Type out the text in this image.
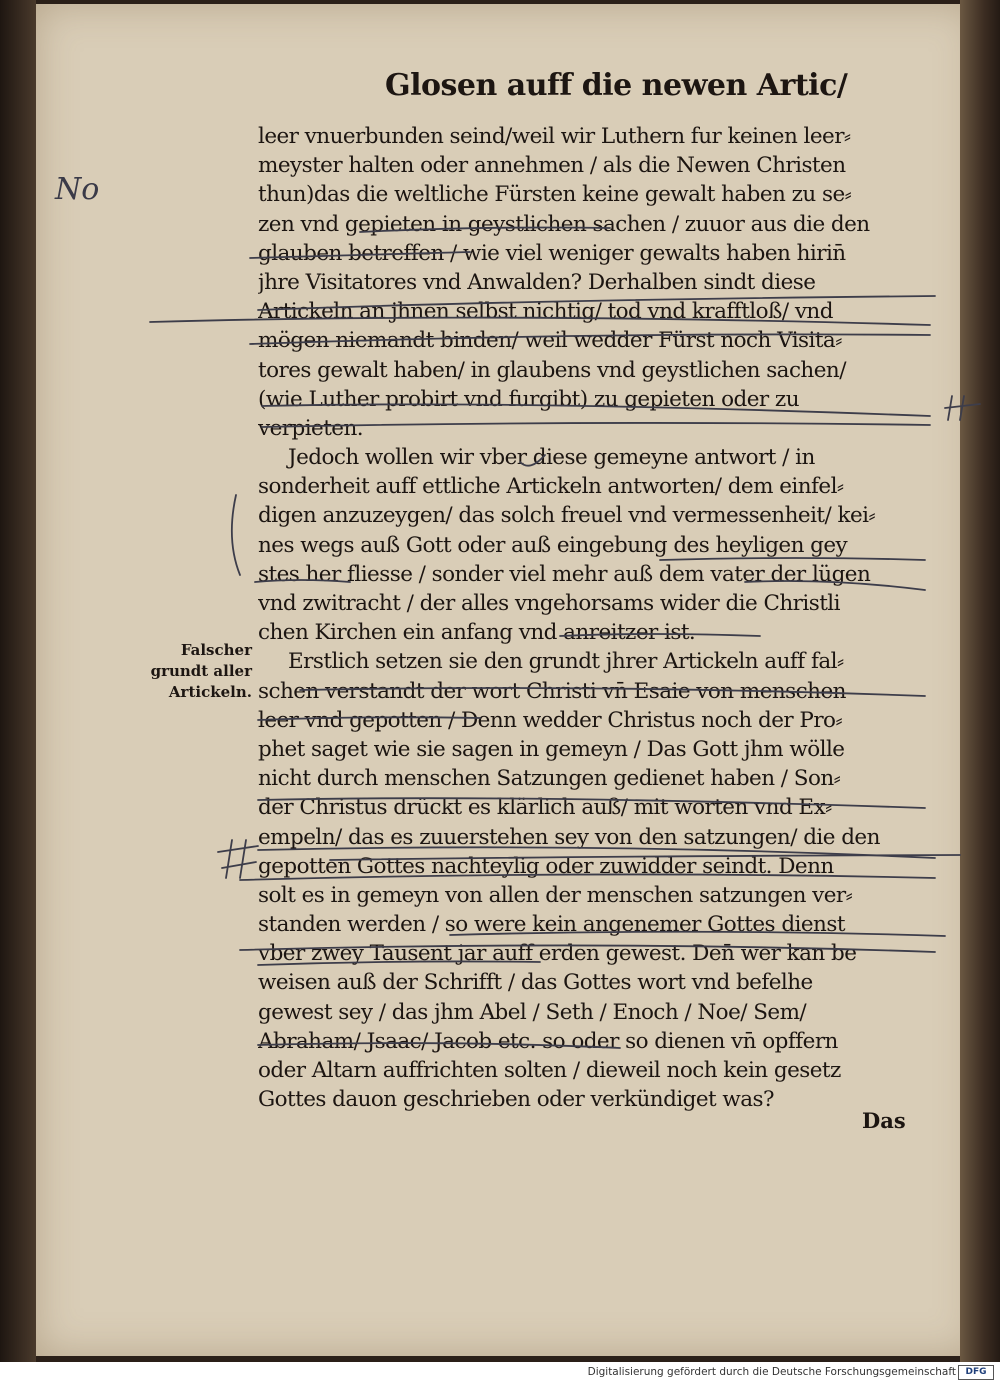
Glosen auff die newen Artic/
No
Falscher
grundt aller
Artickeln.
leer vnuerbunden seind/weil wir Luthern fur keinen leer⸗
meyster halten oder annehmen / als die Newen Christen
thun)das die weltliche Fürsten keine gewalt haben zu se⸗
zen vnd gepieten in geystlichen sachen / zuuor aus die den
glauben betreffen / wie viel weniger gewalts haben hirin̄
jhre Visitatores vnd Anwalden? Derhalben sindt diese
Artickeln an jhnen selbst nichtig/ tod vnd krafftloß/ vnd
mögen niemandt binden/ weil wedder Fürst noch Visita⸗
tores gewalt haben/ in glaubens vnd geystlichen sachen/
(wie Luther probirt vnd furgibt) zu gepieten oder zu
verpieten.
Jedoch wollen wir vber diese gemeyne antwort / in
sonderheit auff ettliche Artickeln antworten/ dem einfel⸗
digen anzuzeygen/ das solch freuel vnd vermessenheit/ kei⸗
nes wegs auß Gott oder auß eingebung des heyligen gey
stes her fliesse / sonder viel mehr auß dem vater der lügen
vnd zwitracht / der alles vngehorsams wider die Christli
chen Kirchen ein anfang vnd anreitzer ist.
Erstlich setzen sie den grundt jhrer Artickeln auff fal⸗
schen verstandt der wort Christi vn̄ Esaie von menschen
leer vnd gepotten / Denn wedder Christus noch der Pro⸗
phet saget wie sie sagen in gemeyn / Das Gott jhm wölle
nicht durch menschen Satzungen gedienet haben / Son⸗
der Christus drückt es klärlich auß/ mit worten vnd Ex⸗
empeln/ das es zuuerstehen sey von den satzungen/ die den
gepotten Gottes nachteylig oder zuwidder seindt. Denn
solt es in gemeyn von allen der menschen satzungen ver⸗
standen werden / so were kein angenemer Gottes dienst
vber zwey Tausent jar auff erden gewest. Den̄ wer kan be
weisen auß der Schrifft / das Gottes wort vnd befelhe
gewest sey / das jhm Abel / Seth / Enoch / Noe/ Sem/
Abraham/ Jsaac/ Jacob etc. so oder so dienen vn̄ opffern
oder Altarn auffrichten solten / dieweil noch kein gesetz
Gottes dauon geschrieben oder verkündiget was?
Das
Digitalisierung gefördert durch die Deutsche Forschungsgemeinschaft	DFG
